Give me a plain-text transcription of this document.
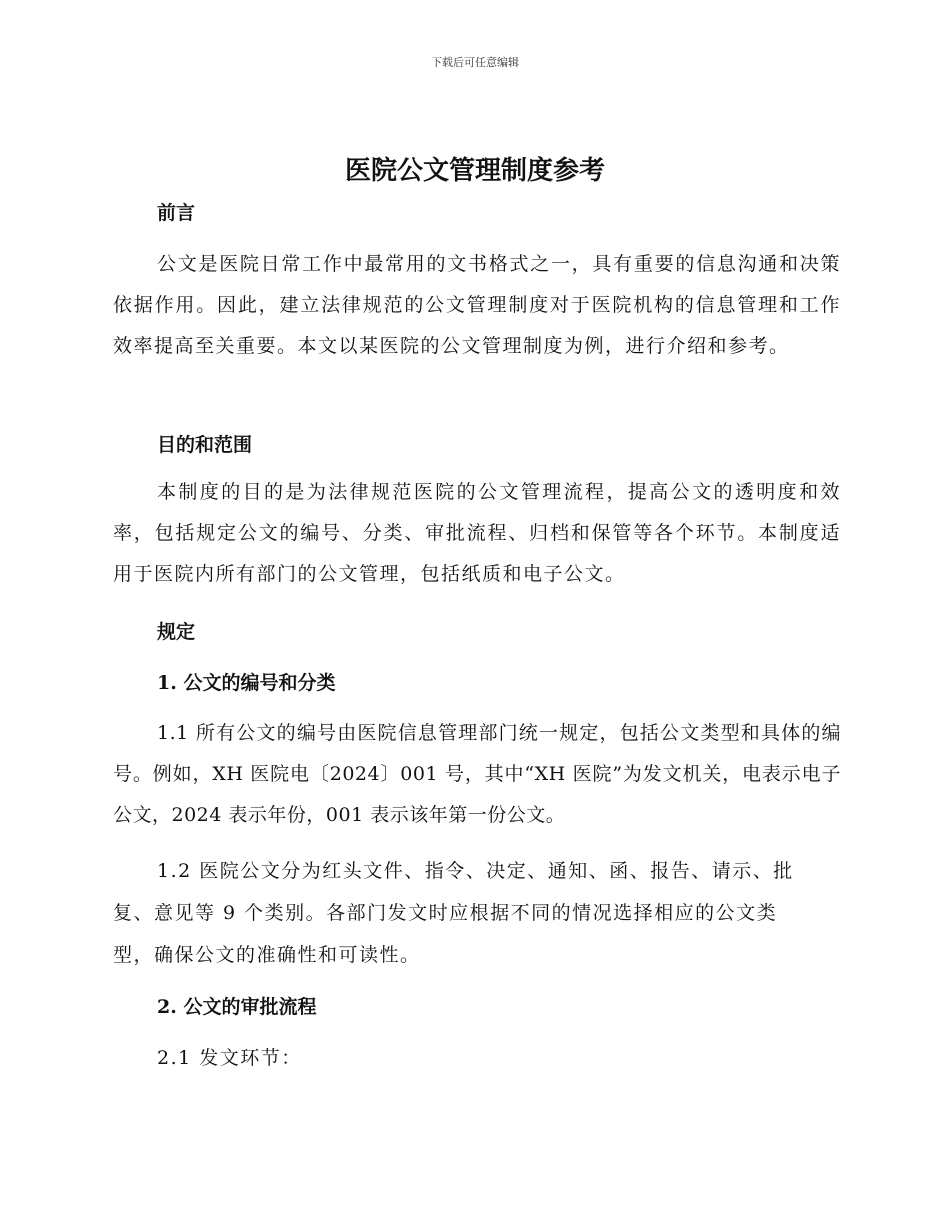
下载后可任意编辑
医院公文管理制度参考
前言

公文是医院日常工作中最常用的文书格式之一，具有重要的信息沟通和决策依据作用。因此，建立法律规范的公文管理制度对于医院机构的信息管理和工作效率提高至关重要。本文以某医院的公文管理制度为例，进行介绍和参考。

目的和范围

本制度的目的是为法律规范医院的公文管理流程，提高公文的透明度和效率，包括规定公文的编号、分类、审批流程、归档和保管等各个环节。本制度适用于医院内所有部门的公文管理，包括纸质和电子公文。

规定
1. 公文的编号和分类

1.1 所有公文的编号由医院信息管理部门统一规定，包括公文类型和具体的编号。例如，XH 医院电〔2024〕001 号，其中“XH 医院”为发文机关，电表示电子公文，2024 表示年份，001 表示该年第一份公文。

1.2 医院公文分为红头文件、指令、决定、通知、函、报告、请示、批

复、意见等 9 个类别。各部门发文时应根据不同的情况选择相应的公文类

型，确保公文的准确性和可读性。

2. 公文的审批流程

2.1 发文环节：
